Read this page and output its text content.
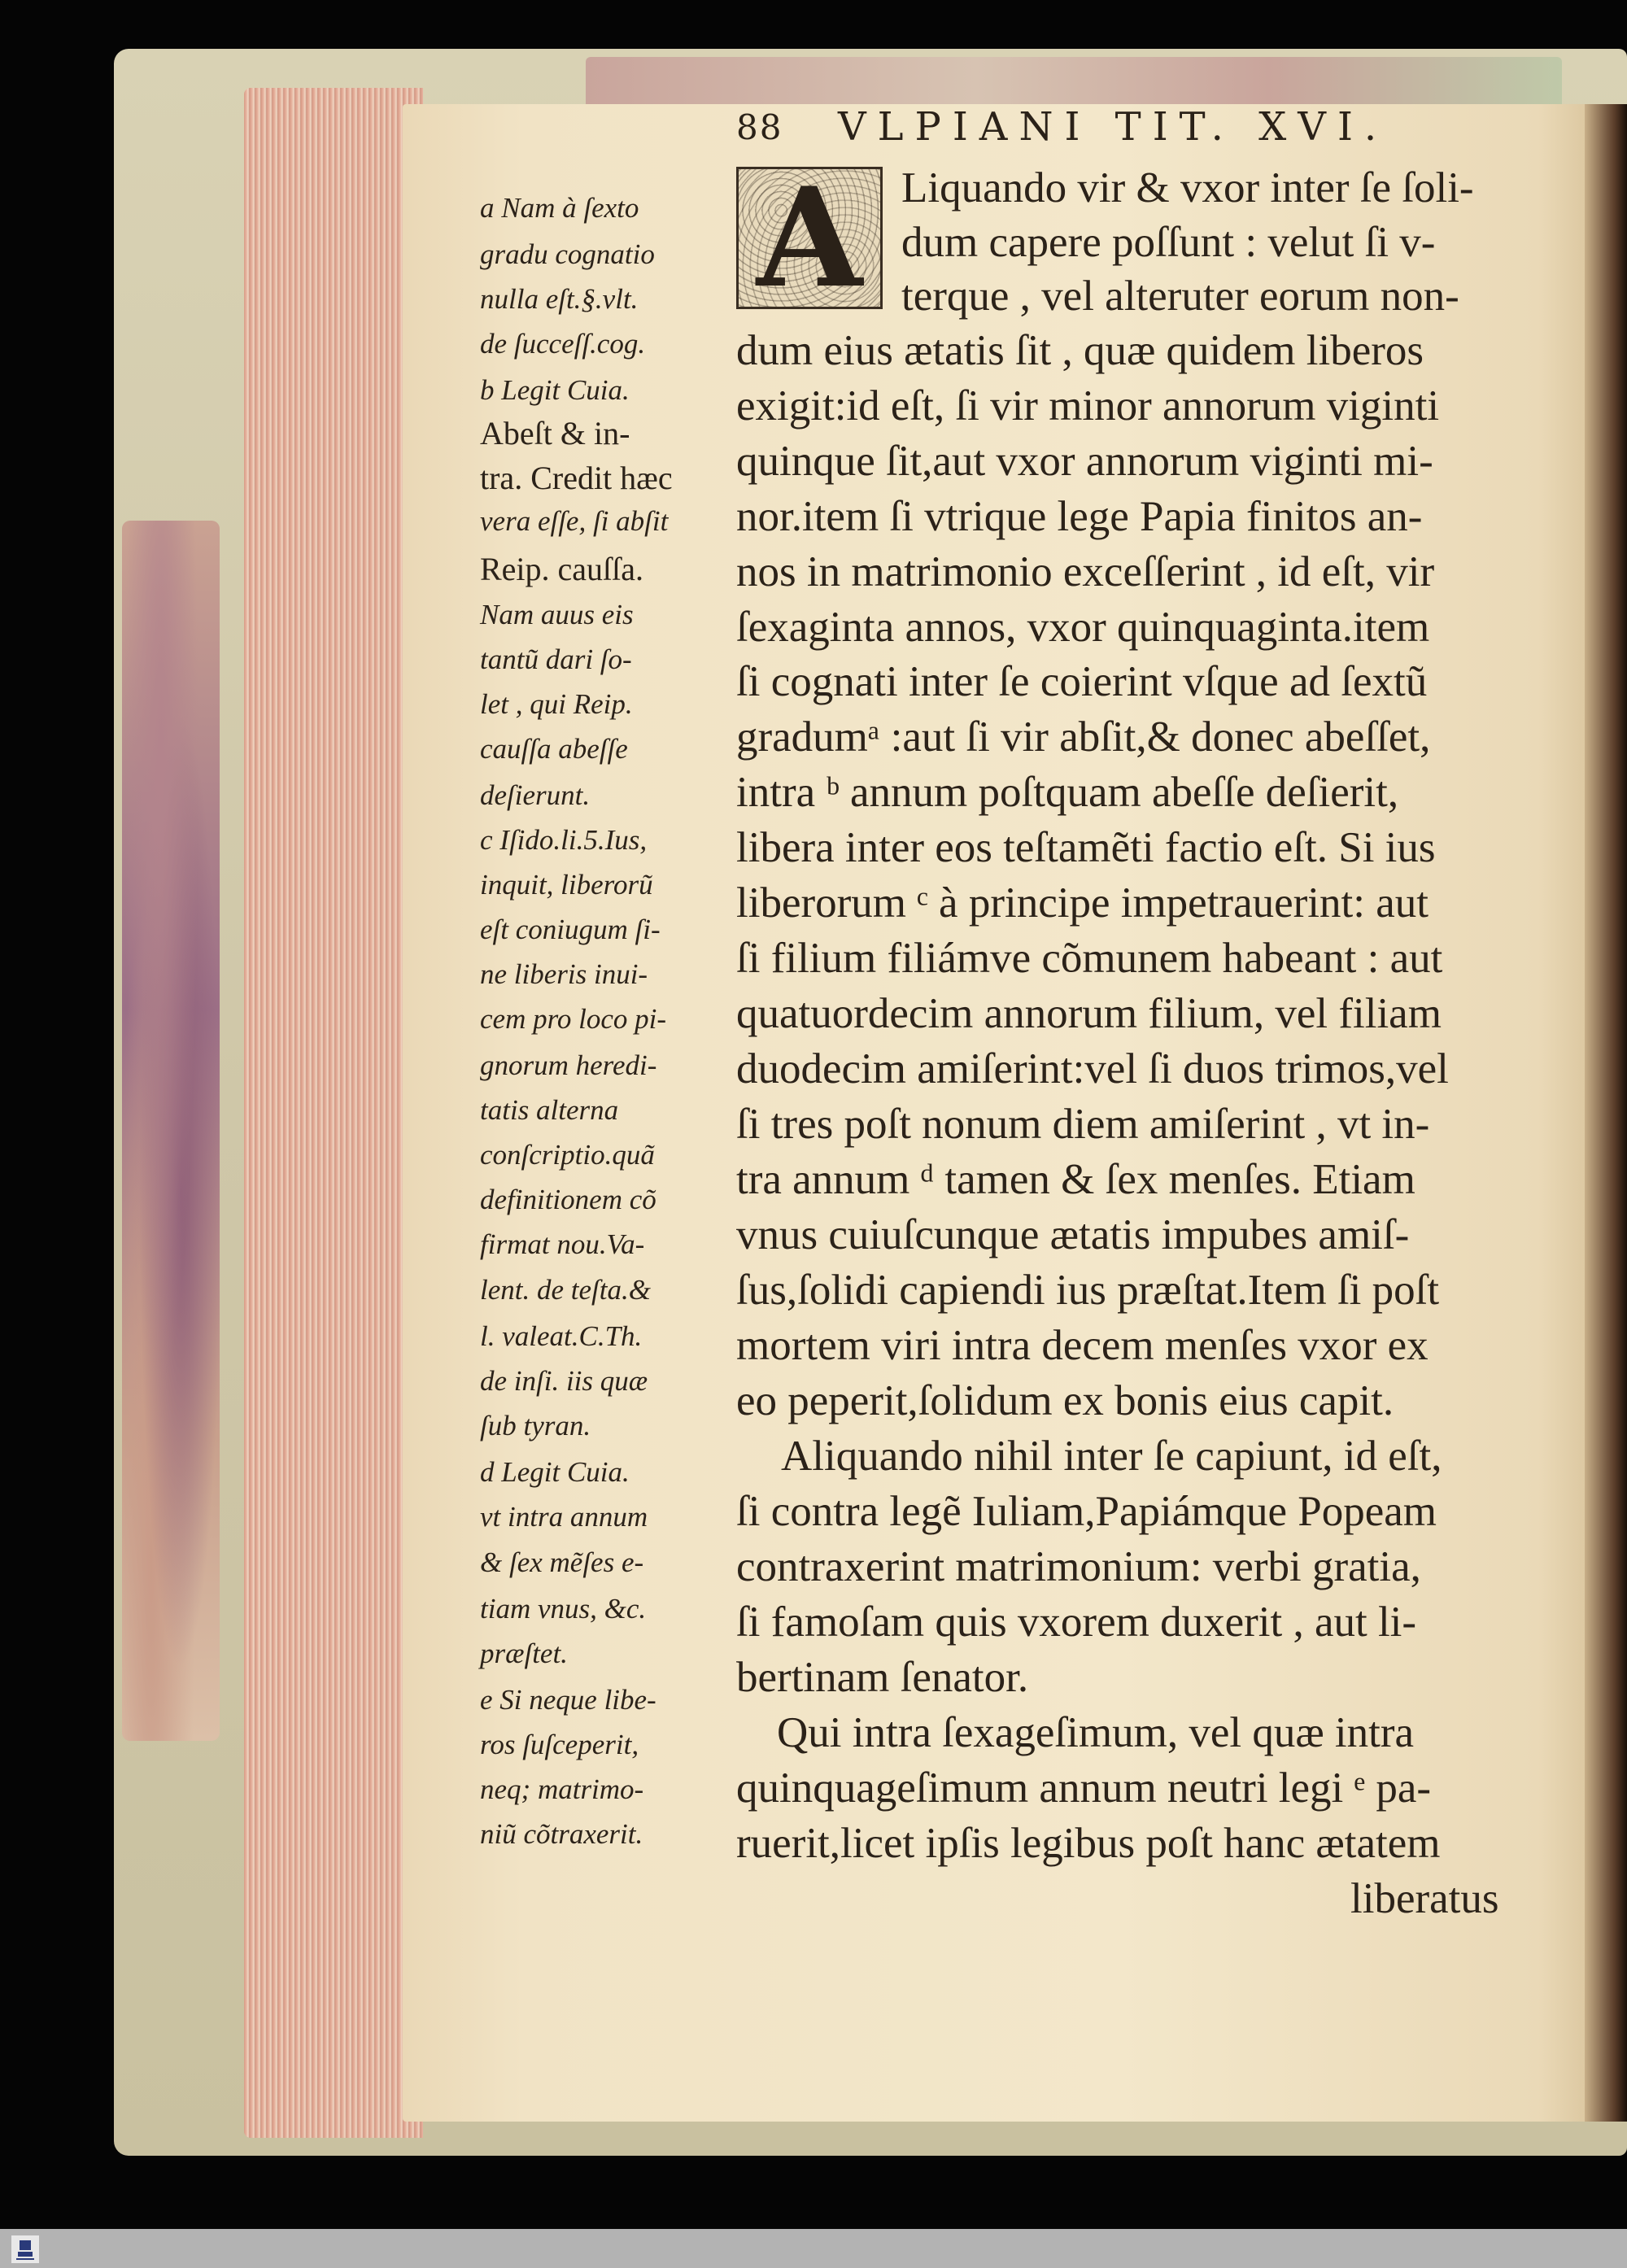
88 VLPIANI TIT. XVI.
A Liquando vir & vxor inter ſe ſoli-
dum capere poſſunt : velut ſi v-
terque , vel alteruter eorum non-
dum eius ætatis ſit , quæ quidem liberos
exigit:id eſt, ſi vir minor annorum viginti
quinque ſit,aut vxor annorum viginti mi-
nor.item ſi vtrique lege Papia finitos an-
nos in matrimonio exceſſerint , id eſt, vir
ſexaginta annos, vxor quinquaginta.item
ſi cognati inter ſe coierint vſque ad ſextũ
gradumᵃ :aut ſi vir abſit,& donec abeſſet,
intra ᵇ annum poſtquam abeſſe deſierit,
libera inter eos teſtamẽti factio eſt. Si ius
liberorum ᶜ à principe impetrauerint: aut
ſi filium filiámve cõmunem habeant : aut
quatuordecim annorum filium, vel filiam
duodecim amiſerint:vel ſi duos trimos,vel
ſi tres poſt nonum diem amiſerint , vt in-
tra annum ᵈ tamen & ſex menſes. Etiam
vnus cuiuſcunque ætatis impubes amiſ-
ſus,ſolidi capiendi ius præſtat.Item ſi poſt
mortem viri intra decem menſes vxor ex
eo peperit,ſolidum ex bonis eius capit.
Aliquando nihil inter ſe capiunt, id eſt,
ſi contra legẽ Iuliam,Papiámque Popeam
contraxerint matrimonium: verbi gratia,
ſi famoſam quis vxorem duxerit , aut li-
bertinam ſenator.
Qui intra ſexageſimum, vel quæ intra
quinquageſimum annum neutri legi ᵉ pa-
ruerit,licet ipſis legibus poſt hanc ætatem
liberatus
a Nam à ſexto
gradu cognatio
nulla eſt.§.vlt.
de ſucceſſ.cog.
b Legit Cuia.
Abeſt & in-
tra. Credit hæc
vera eſſe, ſi abſit
Reip. cauſſa.
Nam auus eis
tantũ dari ſo-
let , qui Reip.
cauſſa abeſſe
deſierunt.
c Iſido.li.5.Ius,
inquit, liberorũ
eſt coniugum ſi-
ne liberis inui-
cem pro loco pi-
gnorum heredi-
tatis alterna
conſcriptio.quã
definitionem cõ
firmat nou.Va-
lent. de teſta.&
l. valeat.C.Th.
de inſi. iis quæ
ſub tyran.
d Legit Cuia.
vt intra annum
& ſex mẽſes e-
tiam vnus, &c.
præſtet.
e Si neque libe-
ros ſuſceperit,
neq; matrimo-
niũ cõtraxerit.
